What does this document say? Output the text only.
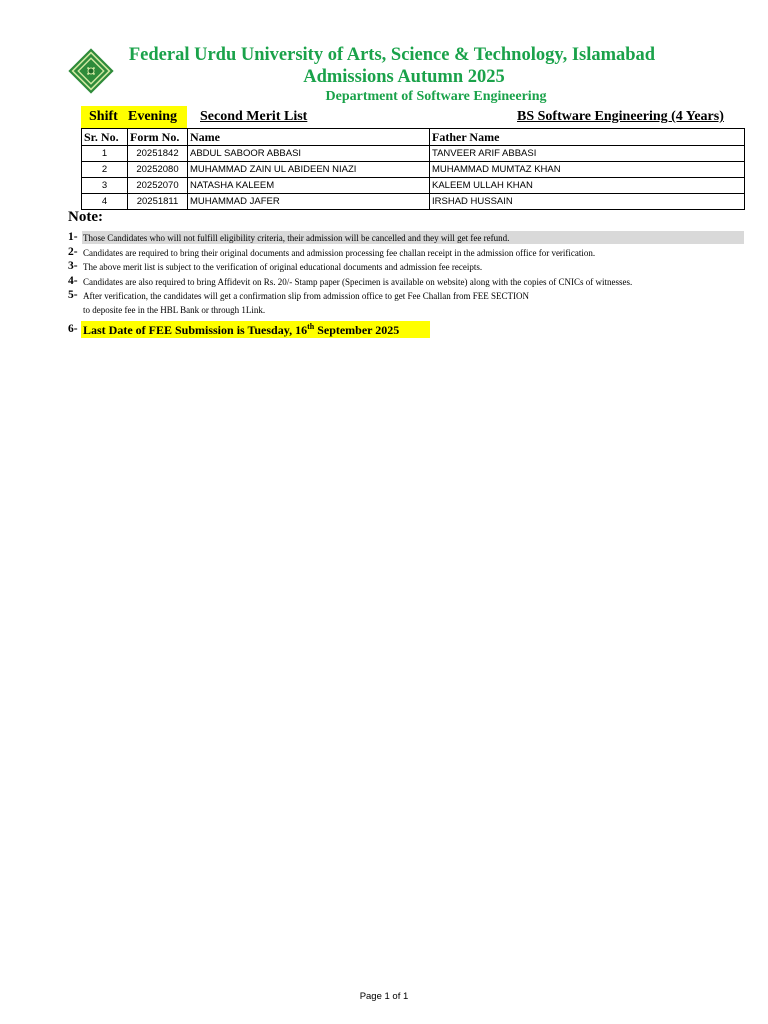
Federal Urdu University of Arts, Science & Technology, Islamabad
Admissions Autumn 2025
Department of Software Engineering
Shift Evening Second Merit List	BS Software Engineering (4 Years)
Sr. No.	Form No.	Name	Father Name
1	20251842	ABDUL SABOOR ABBASI	TANVEER ARIF ABBASI
2	20252080	MUHAMMAD ZAIN UL ABIDEEN NIAZI	MUHAMMAD MUMTAZ KHAN
3	20252070	NATASHA KALEEM	KALEEM ULLAH KHAN
4	20251811	MUHAMMAD JAFER	IRSHAD HUSSAIN
Note:
1- Those Candidates who will not fulfill eligibility criteria, their admission will be cancelled and they will get fee refund.
2- Candidates are required to bring their original documents and admission processing fee challan receipt in the admission office for verification.
3- The above merit list is subject to the verification of original educational documents and admission fee receipts.
4- Candidates are also required to bring Affidevit on Rs. 20/- Stamp paper (Specimen is available on website) along with the copies of CNICs of witnesses.
5- After verification, the candidates will get a confirmation slip from admission office to get Fee Challan from FEE SECTION
to deposite fee in the HBL Bank or through 1Link.
6- Last Date of FEE Submission is Tuesday, 16th September 2025
Page 1 of 1
